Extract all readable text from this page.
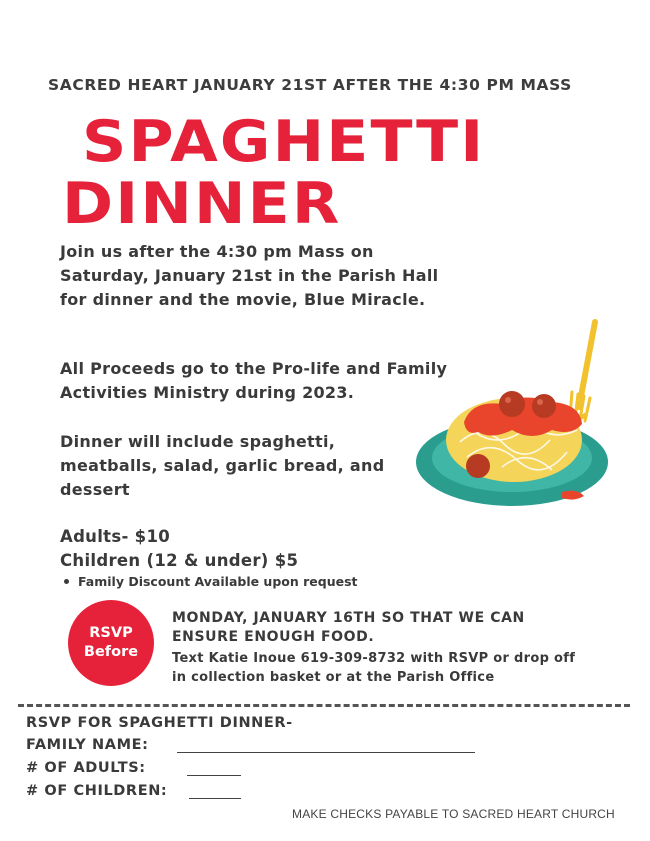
SACRED HEART JANUARY 21ST AFTER THE 4:30 PM MASS
SPAGHETTI
DINNER
Join us after the 4:30 pm Mass on Saturday, January 21st in the Parish Hall for dinner and the movie, Blue Miracle.
All Proceeds go to the Pro-life and Family Activities Ministry during 2023.
Dinner will include spaghetti, meatballs, salad, garlic bread, and dessert
Adults- $10
Children (12 & under) $5
Family Discount Available upon request
RSVP
Before
MONDAY, JANUARY 16TH SO THAT WE CAN
ENSURE ENOUGH FOOD.
Text Katie Inoue 619-309-8732 with RSVP or drop off
in collection basket or at the Parish Office
RSVP FOR SPAGHETTI DINNER-
FAMILY NAME:
# OF ADULTS:
# OF CHILDREN:
MAKE CHECKS PAYABLE TO SACRED HEART CHURCH
